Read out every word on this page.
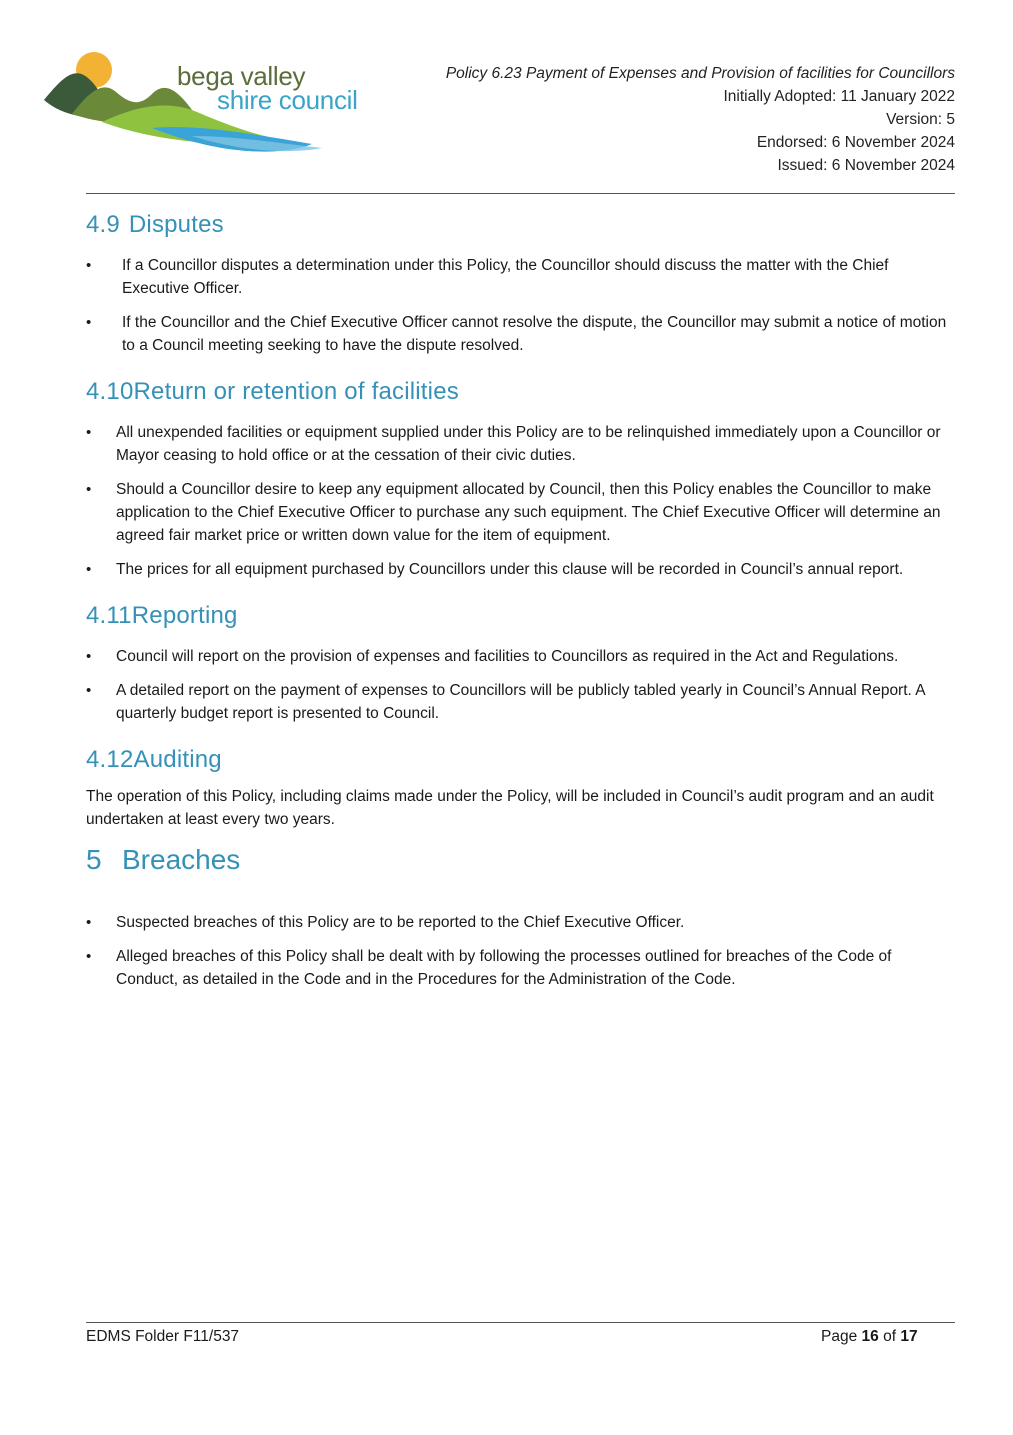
bega valley
shire council
Policy 6.23 Payment of Expenses and Provision of facilities for Councillors
Initially Adopted: 11 January 2022
Version: 5
Endorsed: 6 November 2024
Issued: 6 November 2024
4.9 Disputes
• If a Councillor disputes a determination under this Policy, the Councillor should discuss the matter with the Chief Executive Officer.
• If the Councillor and the Chief Executive Officer cannot resolve the dispute, the Councillor may submit a notice of motion to a Council meeting seeking to have the dispute resolved.
4.10Return or retention of facilities
• All unexpended facilities or equipment supplied under this Policy are to be relinquished immediately upon a Councillor or Mayor ceasing to hold office or at the cessation of their civic duties.
• Should a Councillor desire to keep any equipment allocated by Council, then this Policy enables the Councillor to make application to the Chief Executive Officer to purchase any such equipment. The Chief Executive Officer will determine an agreed fair market price or written down value for the item of equipment.
• The prices for all equipment purchased by Councillors under this clause will be recorded in Council’s annual report.
4.11Reporting
• Council will report on the provision of expenses and facilities to Councillors as required in the Act and Regulations.
• A detailed report on the payment of expenses to Councillors will be publicly tabled yearly in Council’s Annual Report. A quarterly budget report is presented to Council.
4.12Auditing

The operation of this Policy, including claims made under the Policy, will be included in Council’s audit program and an audit undertaken at least every two years.

5 Breaches
• Suspected breaches of this Policy are to be reported to the Chief Executive Officer.
• Alleged breaches of this Policy shall be dealt with by following the processes outlined for breaches of the Code of Conduct, as detailed in the Code and in the Procedures for the Administration of the Code.
EDMS Folder F11/537	Page 16 of 17
